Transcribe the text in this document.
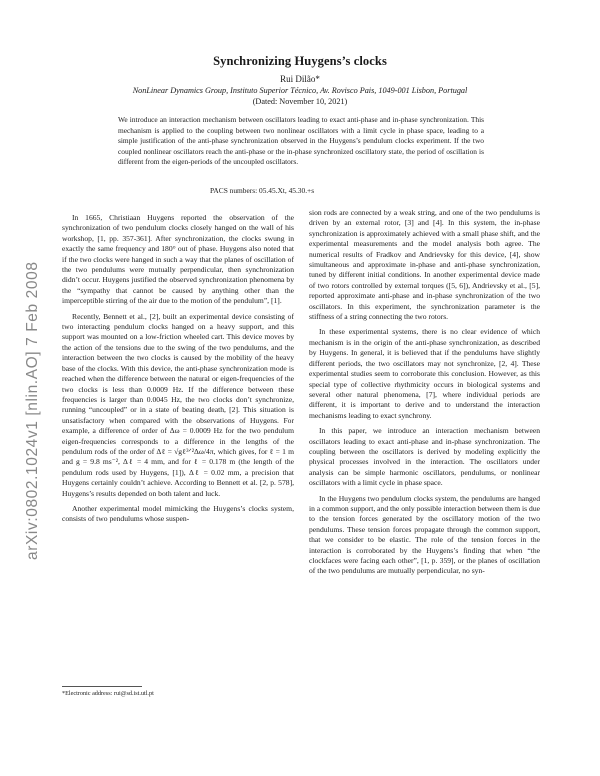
Synchronizing Huygens’s clocks
Rui Dilão*
NonLinear Dynamics Group, Instituto Superior Técnico, Av. Rovisco Pais, 1049-001 Lisbon, Portugal
(Dated: November 10, 2021)

We introduce an interaction mechanism between oscillators leading to exact anti-phase and in-phase synchronization. This mechanism is applied to the coupling between two nonlinear oscillators with a limit cycle in phase space, leading to a simple justification of the anti-phase synchronization observed in the Huygens’s pendulum clocks experiment. If the two coupled nonlinear oscillators reach the anti-phase or the in-phase synchronized oscillatory state, the period of oscillation is different from the eigen-periods of the uncoupled oscillators.

PACS numbers: 05.45.Xt, 45.30.+s
arXiv:0802.1024v1 [nlin.AO] 7 Feb 2008

In 1665, Christiaan Huygens reported the observation of the synchronization of two pendulum clocks closely hanged on the wall of his workshop, [1, pp. 357-361]. After synchronization, the clocks swung in exactly the same frequency and 180° out of phase. Huygens also noted that if the two clocks were hanged in such a way that the planes of oscillation of the two pendulums were mutually perpendicular, then synchronization didn’t occur. Huygens justified the observed synchronization phenomena by the “sympathy that cannot be caused by anything other than the imperceptible stirring of the air due to the motion of the pendulum”, [1].

Recently, Bennett et al., [2], built an experimental device consisting of two interacting pendulum clocks hanged on a heavy support, and this support was mounted on a low-friction wheeled cart. This device moves by the action of the tensions due to the swing of the two pendulums, and the interaction between the two clocks is caused by the mobility of the heavy base of the clocks. With this device, the anti-phase synchronization mode is reached when the difference between the natural or eigen-frequencies of the two clocks is less than 0.0009 Hz. If the difference between these frequencies is larger than 0.0045 Hz, the two clocks don’t synchronize, running “uncoupled” or in a state of beating death, [2]. This situation is unsatisfactory when compared with the observations of Huygens. For example, a difference of order of Δω = 0.0009 Hz for the two pendulum eigen-frequencies corresponds to a difference in the lengths of the pendulum rods of the order of Δℓ = √gℓ³ᐟ²Δω/4π, which gives, for ℓ = 1 m and g = 9.8 ms⁻², Δℓ = 4 mm, and for ℓ = 0.178 m (the length of the pendulum rods used by Huygens, [1]), Δℓ = 0.02 mm, a precision that Huygens certainly couldn’t achieve. According to Bennett et al. [2, p. 578], Huygens’s results depended on both talent and luck.

Another experimental model mimicking the Huygens’s clocks system, consists of two pendulums whose suspen-

sion rods are connected by a weak string, and one of the two pendulums is driven by an external rotor, [3] and [4]. In this system, the in-phase synchronization is approximately achieved with a small phase shift, and the experimental measurements and the model analysis both agree. The numerical results of Fradkov and Andrievsky for this device, [4], show simultaneous and approximate in-phase and anti-phase synchronization, tuned by different initial conditions. In another experimental device made of two rotors controlled by external torques ([5, 6]), Andrievsky et al., [5], reported approximate anti-phase and in-phase synchronization of the two oscillators. In this experiment, the synchronization parameter is the stiffness of a string connecting the two rotors.

In these experimental systems, there is no clear evidence of which mechanism is in the origin of the anti-phase synchronization, as described by Huygens. In general, it is believed that if the pendulums have slightly different periods, the two oscillators may not synchronize, [2, 4]. These experimental studies seem to corroborate this conclusion. However, as this special type of collective rhythmicity occurs in biological systems and several other natural phenomena, [7], where individual periods are different, it is important to derive and to understand the interaction mechanisms leading to exact synchrony.

In this paper, we introduce an interaction mechanism between oscillators leading to exact anti-phase and in-phase synchronization. The coupling between the oscillators is derived by modeling explicitly the physical processes involved in the interaction. The oscillators under analysis can be simple harmonic oscillators, pendulums, or nonlinear oscillators with a limit cycle in phase space.

In the Huygens two pendulum clocks system, the pendulums are hanged in a common support, and the only possible interaction between them is due to the tension forces generated by the oscillatory motion of the two pendulums. These tension forces propagate through the common support, that we consider to be elastic. The role of the tension forces in the interaction is corroborated by the Huygens’s finding that when “the clockfaces were facing each other”, [1, p. 359], or the planes of oscillation of the two pendulums are mutually perpendicular, no syn-

*Electronic address: rui@sd.ist.utl.pt
